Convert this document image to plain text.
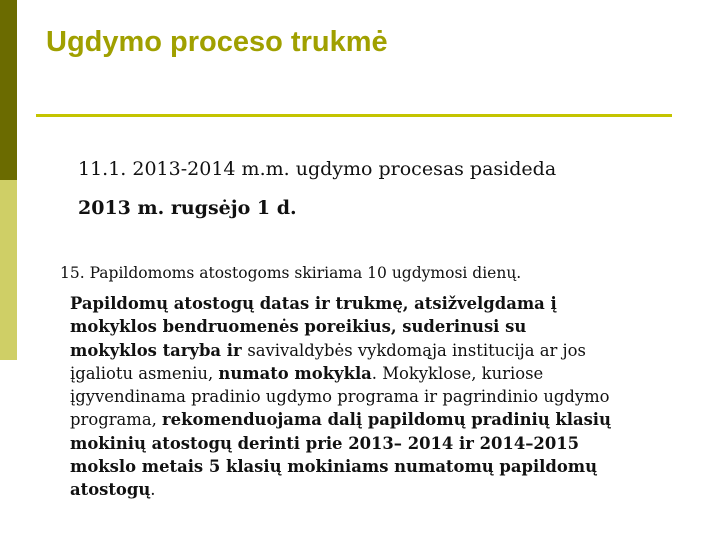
Ugdymo proceso trukmė
11.1. 2013-2014 m.m. ugdymo procesas pasideda
2013 m. rugsėjo 1 d.
15. Papildomoms atostogoms skiriama 10 ugdymosi dienų.
Papildomų atostogų datas ir trukmę, atsižvelgdama į
mokyklos bendruomenės poreikius, suderinusi su
mokyklos taryba ir savivaldybės vykdomąja institucija ar jos
įgaliotu asmeniu, numato mokykla. Mokyklose, kuriose
įgyvendinama pradinio ugdymo programa ir pagrindinio ugdymo
programa, rekomenduojama dalį papildomų pradinių klasių
mokinių atostogų derinti prie 2013– 2014 ir 2014–2015
mokslo metais 5 klasių mokiniams numatomų papildomų
atostogų.
